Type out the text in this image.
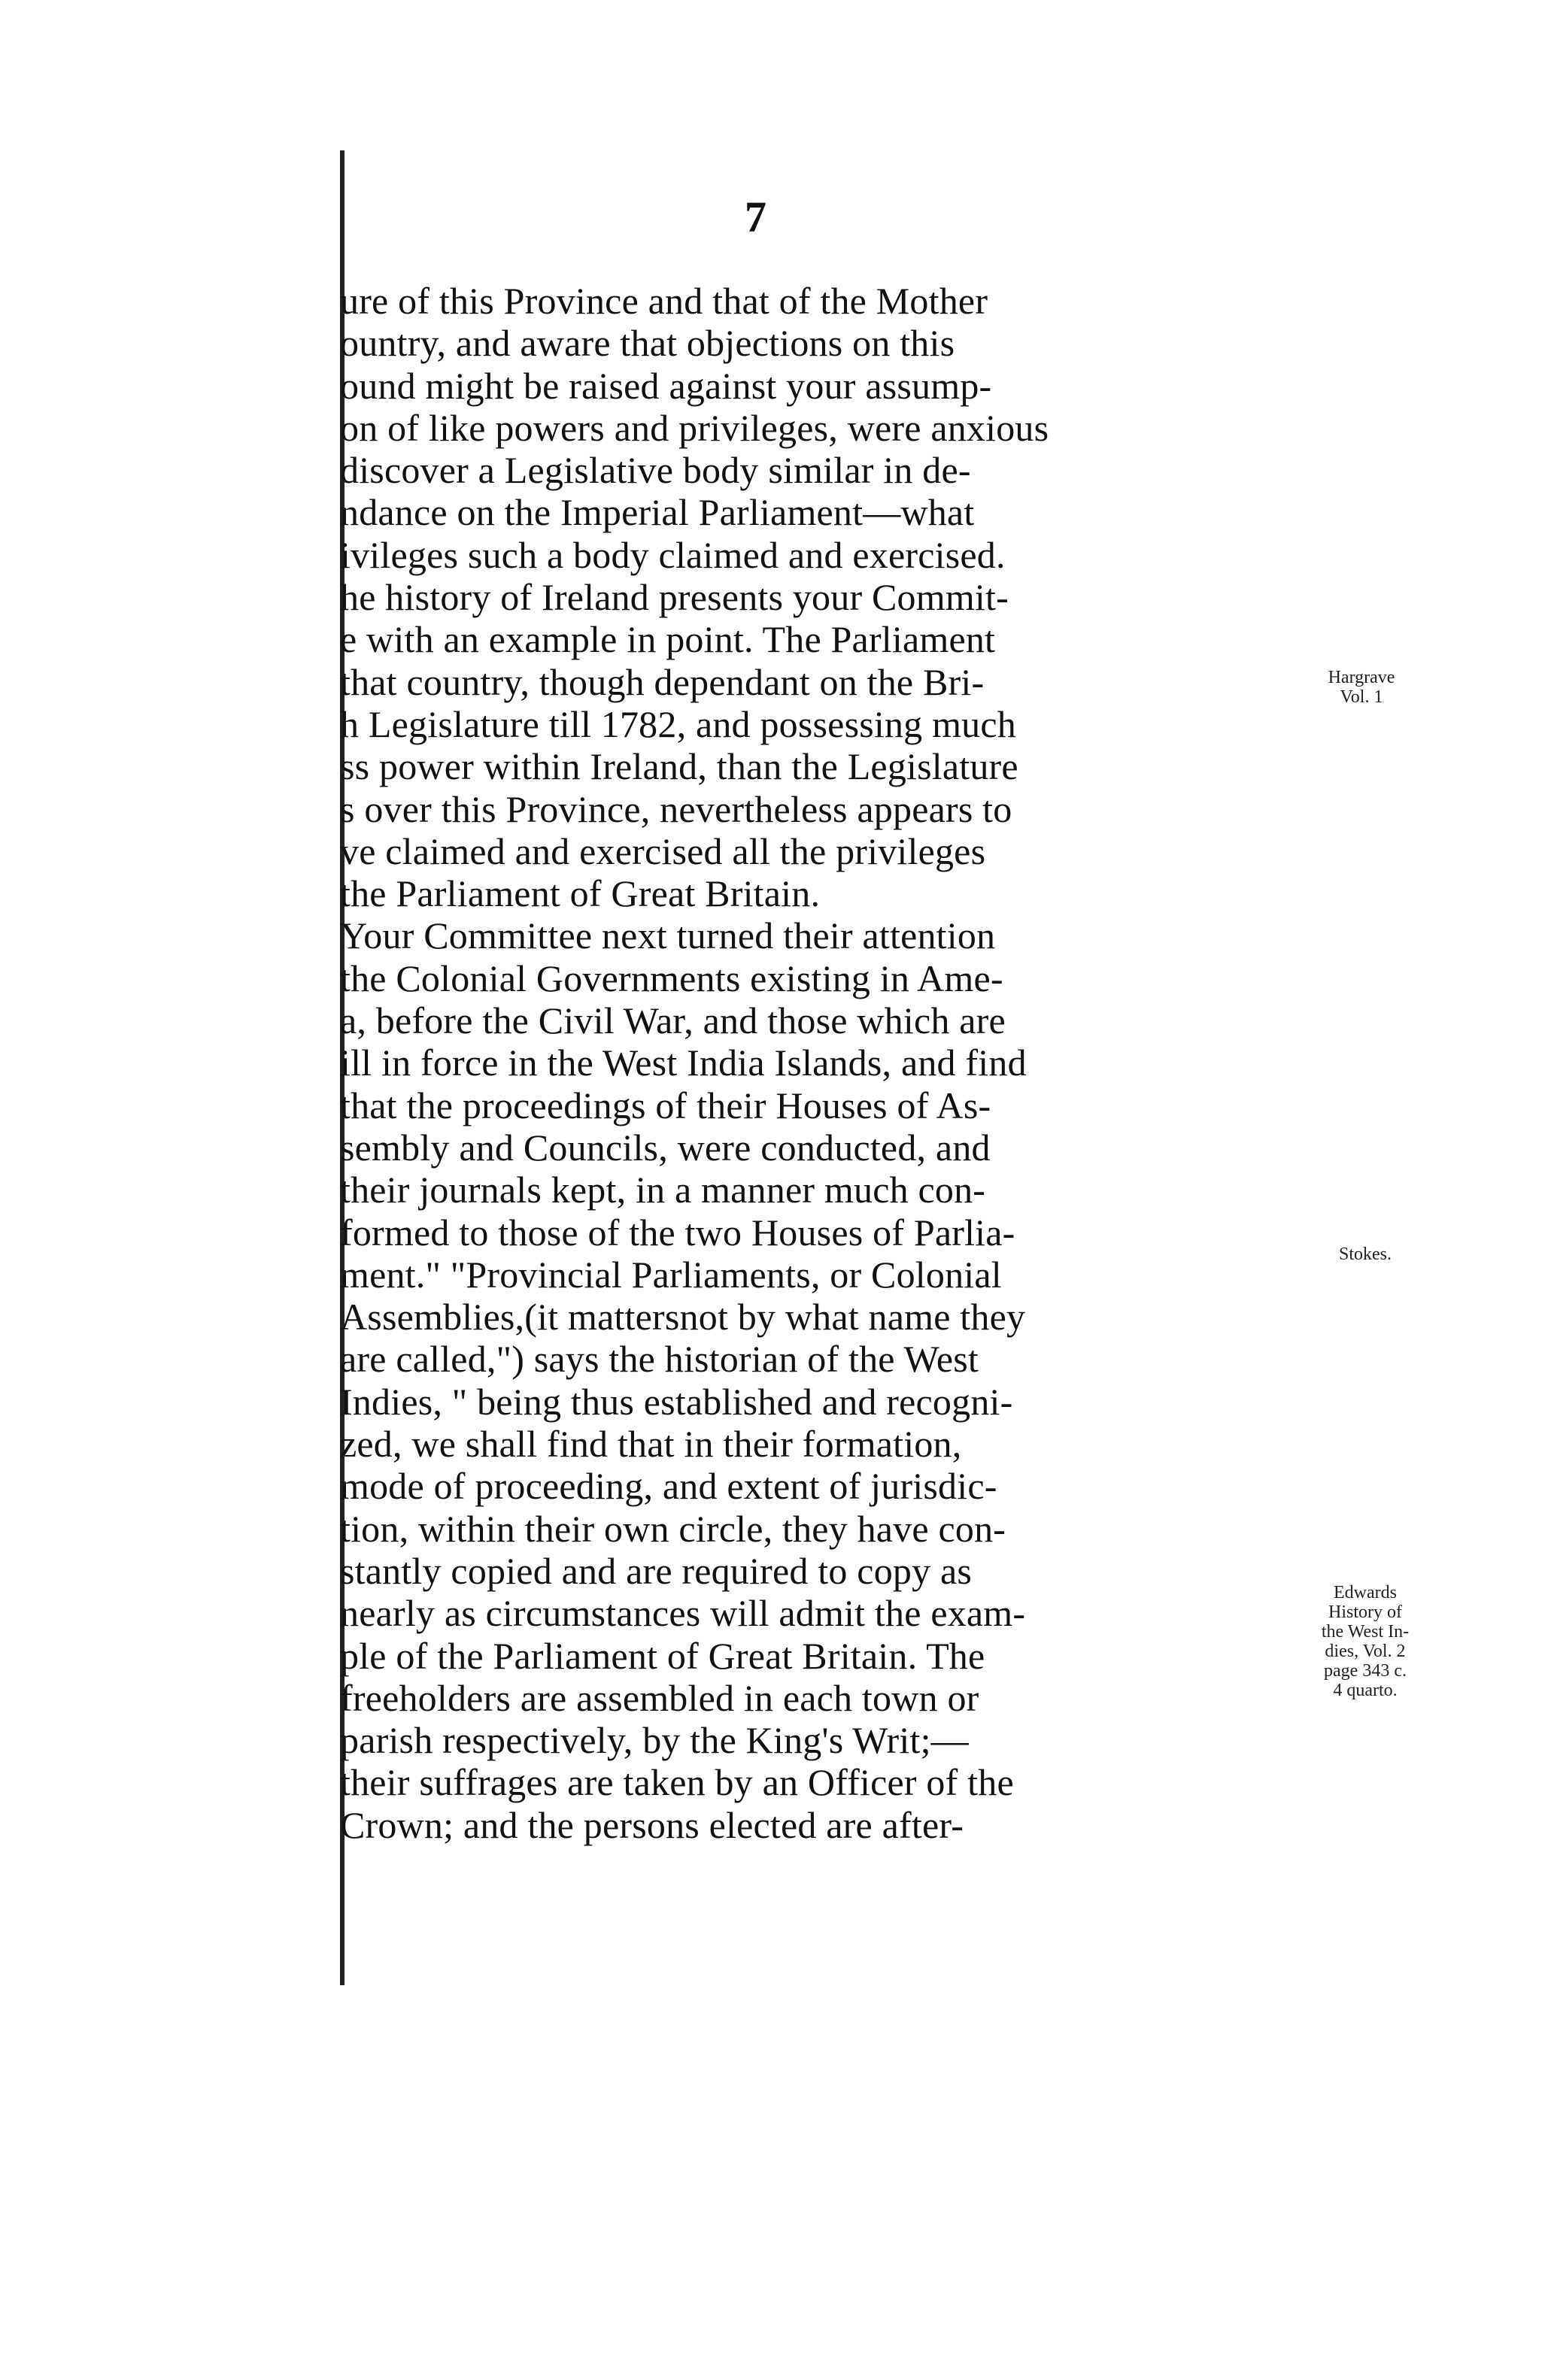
7
ure of this Province and that of the Mother
ountry, and aware that objections on this
ound might be raised against your assump-
on of like powers and privileges, were anxious
discover a Legislative body similar in de-
ndance on the Imperial Parliament—what
ivileges such a body claimed and exercised.
he history of Ireland presents your Commit-
e with an example in point. The Parliament
that country, though dependant on the Bri-
h Legislature till 1782, and possessing much
ss power within Ireland, than the Legislature
s over this Province, nevertheless appears to
ve claimed and exercised all the privileges
the Parliament of Great Britain.
Your Committee next turned their attention
the Colonial Governments existing in Ame-
a, before the Civil War, and those which are
ill in force in the West India Islands, and find
that the proceedings of their Houses of As-
sembly and Councils, were conducted, and
their journals kept, in a manner much con-
formed to those of the two Houses of Parlia-
ment." "Provincial Parliaments, or Colonial
Assemblies,(it mattersnot by what name they
are called,") says the historian of the West
Indies, " being thus established and recogni-
zed, we shall find that in their formation,
mode of proceeding, and extent of jurisdic-
tion, within their own circle, they have con-
stantly copied and are required to copy as
nearly as circumstances will admit the exam-
ple of the Parliament of Great Britain. The
freeholders are assembled in each town or
parish respectively, by the King's Writ;—
their suffrages are taken by an Officer of the
Crown; and the persons elected are after-
Hargrave
Vol. 1
Stokes.
Edwards
History of
the West In-
dies, Vol. 2
page 343 c.
4 quarto.
